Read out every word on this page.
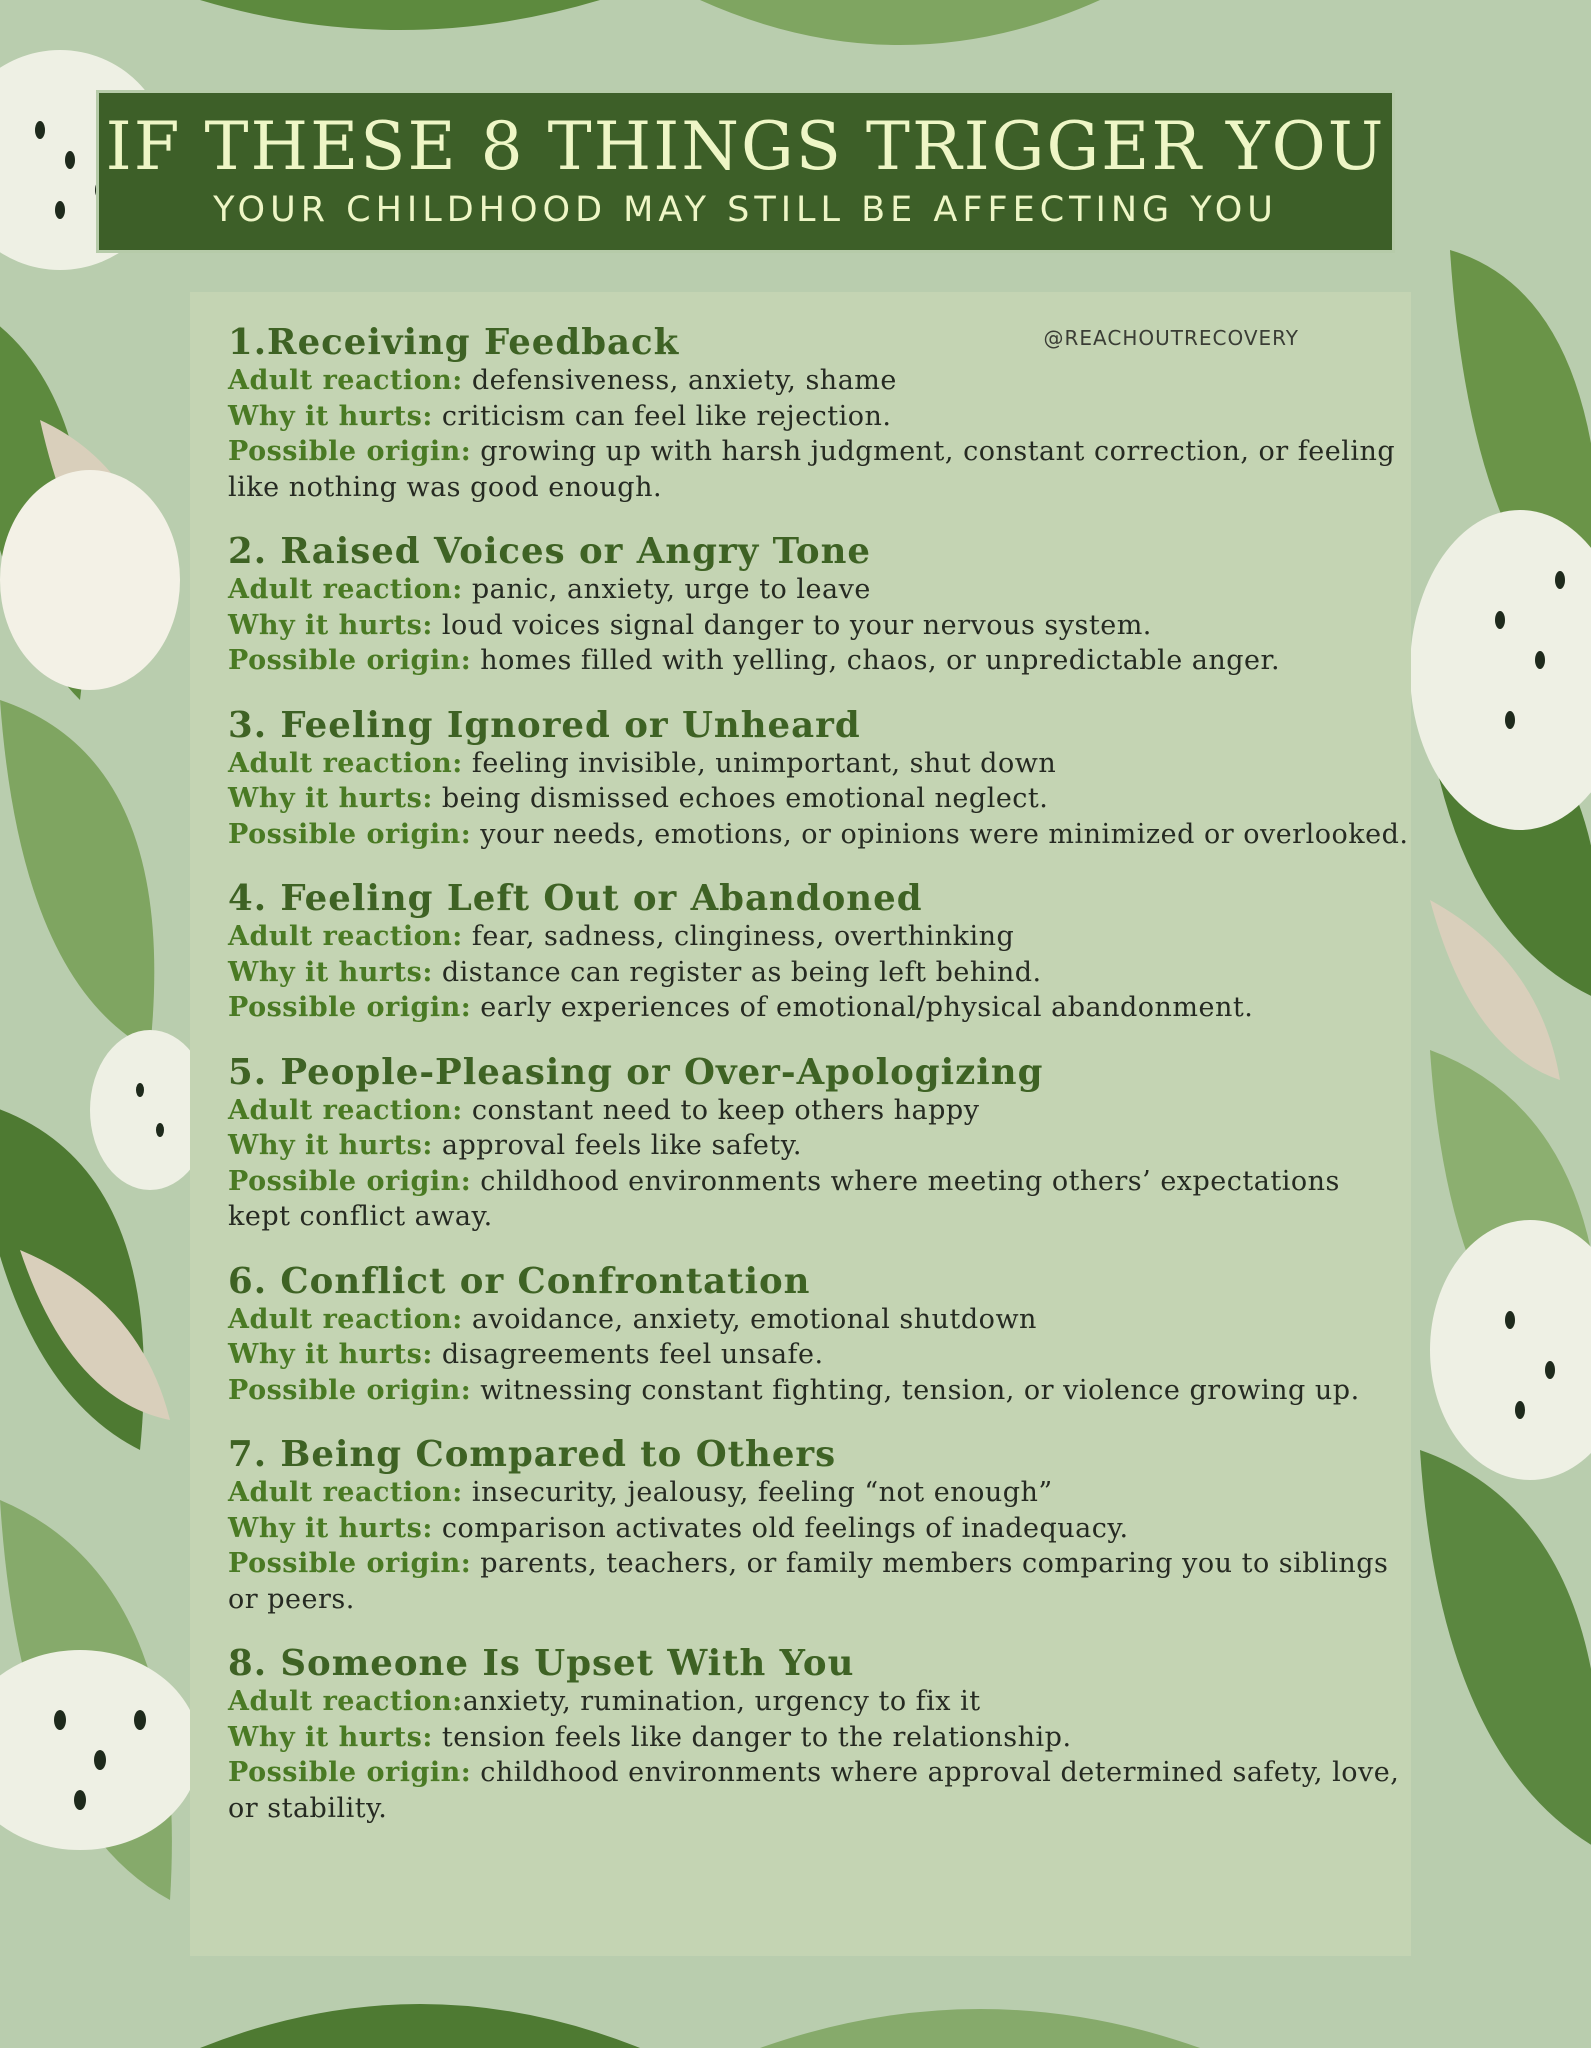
IF THESE 8 THINGS TRIGGER YOU
YOUR CHILDHOOD MAY STILL BE AFFECTING YOU
@REACHOUTRECOVERY
1.Receiving Feedback
Adult reaction: defensiveness, anxiety, shame
Why it hurts: criticism can feel like rejection.
Possible origin: growing up with harsh judgment, constant correction, or feeling like nothing was good enough.
2. Raised Voices or Angry Tone
Adult reaction: panic, anxiety, urge to leave
Why it hurts: loud voices signal danger to your nervous system.
Possible origin: homes filled with yelling, chaos, or unpredictable anger.
3. Feeling Ignored or Unheard
Adult reaction: feeling invisible, unimportant, shut down
Why it hurts: being dismissed echoes emotional neglect.
Possible origin: your needs, emotions, or opinions were minimized or overlooked.
4. Feeling Left Out or Abandoned
Adult reaction: fear, sadness, clinginess, overthinking
Why it hurts: distance can register as being left behind.
Possible origin: early experiences of emotional/physical abandonment.
5. People-Pleasing or Over-Apologizing
Adult reaction: constant need to keep others happy
Why it hurts: approval feels like safety.
Possible origin: childhood environments where meeting others’ expectations kept conflict away.
6. Conflict or Confrontation
Adult reaction: avoidance, anxiety, emotional shutdown
Why it hurts: disagreements feel unsafe.
Possible origin: witnessing constant fighting, tension, or violence growing up.
7. Being Compared to Others
Adult reaction: insecurity, jealousy, feeling “not enough”
Why it hurts: comparison activates old feelings of inadequacy.
Possible origin: parents, teachers, or family members comparing you to siblings or peers.
8. Someone Is Upset With You
Adult reaction:anxiety, rumination, urgency to fix it
Why it hurts: tension feels like danger to the relationship.
Possible origin: childhood environments where approval determined safety, love, or stability.
